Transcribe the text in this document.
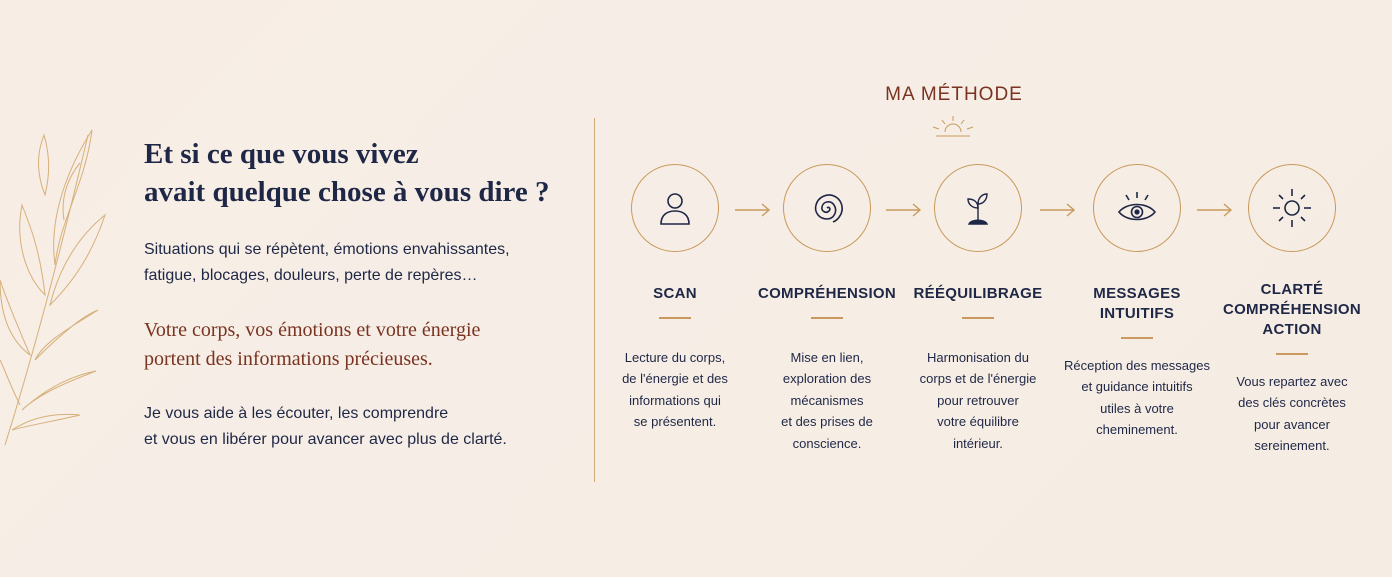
Et si ce que vous vivez
avait quelque chose à vous dire ?
Situations qui se répètent, émotions envahissantes,
fatigue, blocages, douleurs, perte de repères…
Votre corps, vos émotions et votre énergie
portent des informations précieuses.
Je vous aide à les écouter, les comprendre
et vous en libérer pour avancer avec plus de clarté.
MA MÉTHODE
SCAN
Lecture du corps,
de l'énergie et des
informations qui
se présentent.
COMPRÉHENSION
Mise en lien,
exploration des
mécanismes
et des prises de
conscience.
RÉÉQUILIBRAGE
Harmonisation du
corps et de l'énergie
pour retrouver
votre équilibre
intérieur.
MESSAGES
INTUITIFS
Réception des messages
et guidance intuitifs
utiles à votre
cheminement.
CLARTÉ
COMPRÉHENSION
ACTION
Vous repartez avec
des clés concrètes
pour avancer
sereinement.
